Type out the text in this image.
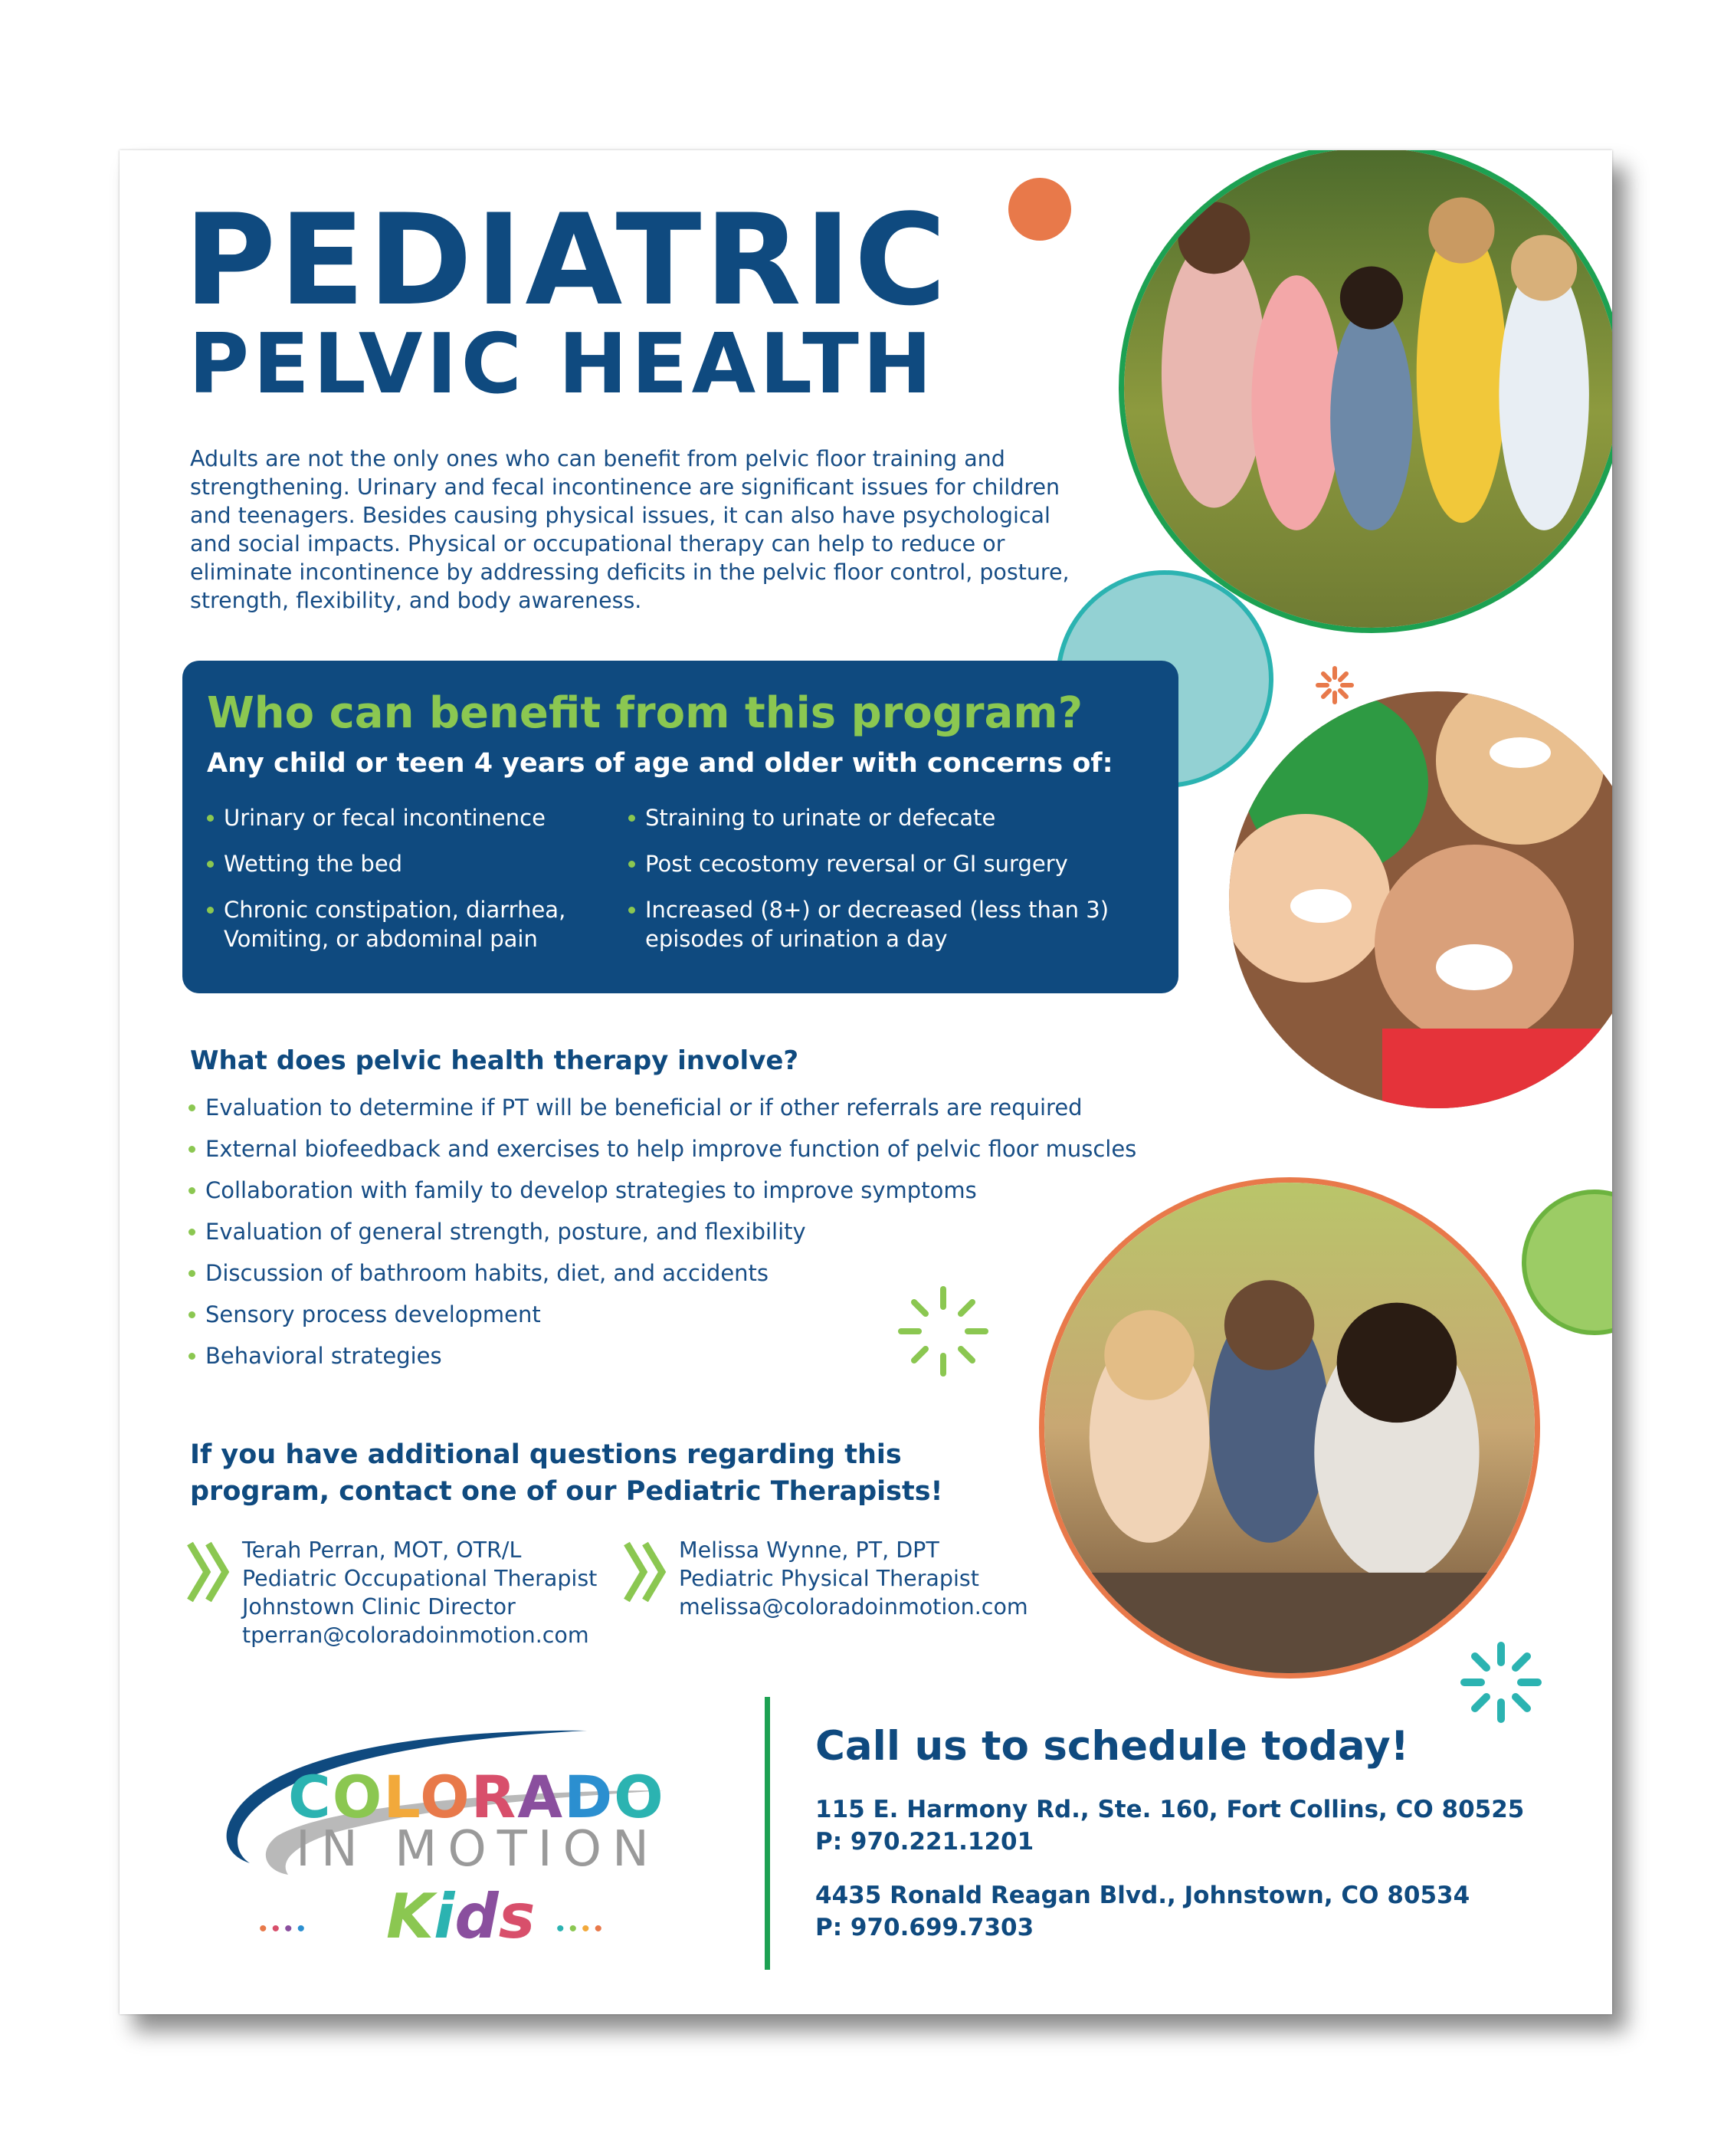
PEDIATRIC
PELVIC HEALTH
Adults are not the only ones who can benefit from pelvic floor training and strengthening. Urinary and fecal incontinence are significant issues for children and teenagers. Besides causing physical issues, it can also have psychological and social impacts. Physical or occupational therapy can help to reduce or eliminate incontinence by addressing deficits in the pelvic floor control, posture, strength, flexibility, and body awareness.
Who can benefit from this program?
Any child or teen 4 years of age and older with concerns of:
Urinary or fecal incontinence
Wetting the bed
Chronic constipation, diarrhea, Vomiting, or abdominal pain
Straining to urinate or defecate
Post cecostomy reversal or GI surgery
Increased (8+) or decreased (less than 3) episodes of urination a day
What does pelvic health therapy involve?
Evaluation to determine if PT will be beneficial or if other referrals are required
External biofeedback and exercises to help improve function of pelvic floor muscles
Collaboration with family to develop strategies to improve symptoms
Evaluation of general strength, posture, and flexibility
Discussion of bathroom habits, diet, and accidents
Sensory process development
Behavioral strategies
If you have additional questions regarding this
program, contact one of our Pediatric Therapists!
Terah Perran, MOT, OTR/L
Pediatric Occupational Therapist
Johnstown Clinic Director
tperran@coloradoinmotion.com
Melissa Wynne, PT, DPT
Pediatric Physical Therapist
melissa@coloradoinmotion.com
COLORADO
IN MOTION
•••• Kids ••••
Call us to schedule today!
115 E. Harmony Rd., Ste. 160, Fort Collins, CO 80525
P: 970.221.1201
4435 Ronald Reagan Blvd., Johnstown, CO 80534
P: 970.699.7303
